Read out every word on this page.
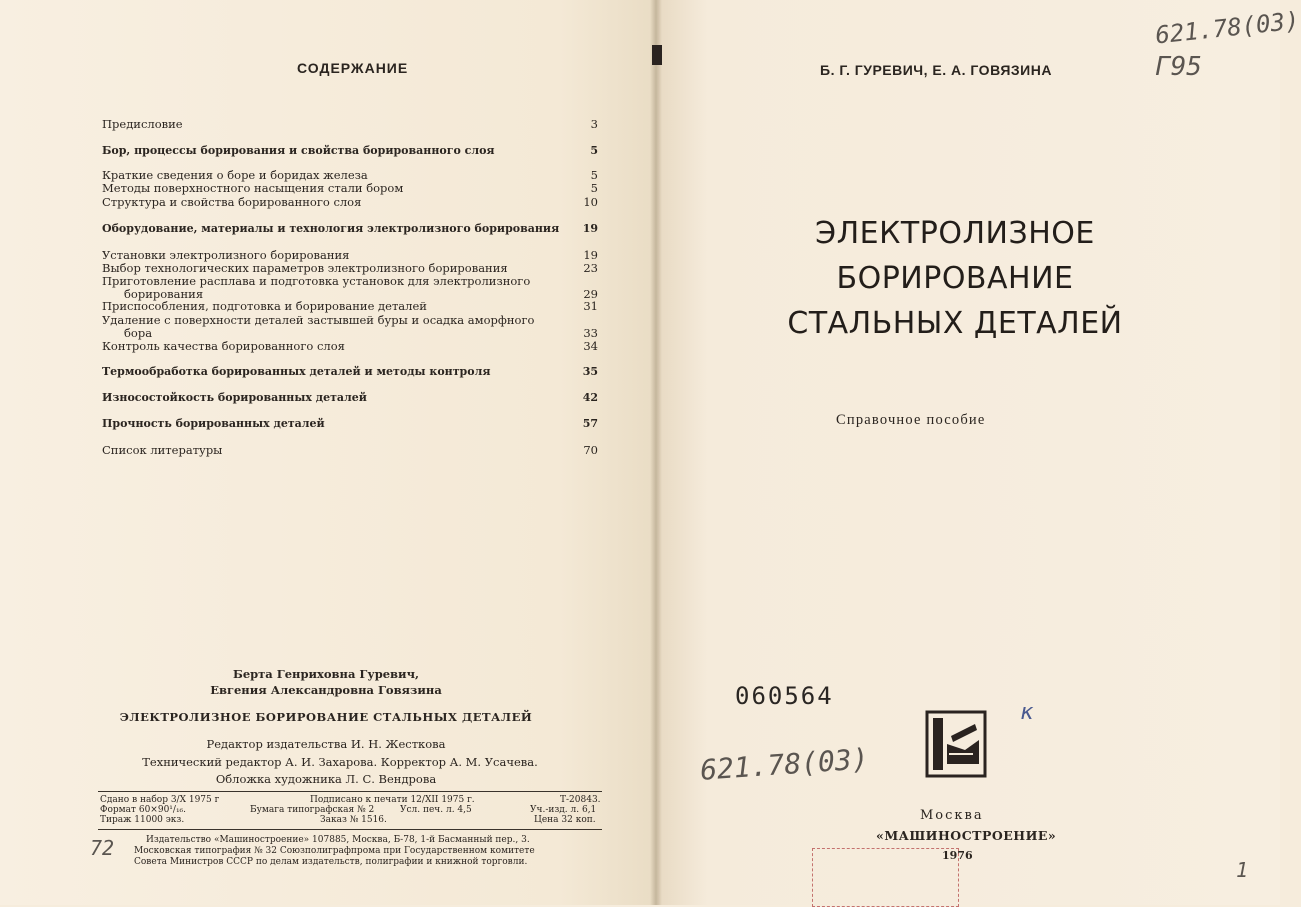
СОДЕРЖАНИЕ
Предисловие	3
Бор, процессы борирования и свойства борированного слоя	5
Краткие сведения о боре и боридах железа	5
Методы поверхностного насыщения стали бором	5
Структура и свойства борированного слоя	10
Оборудование, материалы и технология электролизного борирования 19
Установки электролизного борирования	19
Выбор технологических параметров электролизного борирования	23
Приготовление расплава и подготовка установок для электролизного
борирования	29
Приспособления, подготовка и борирование деталей	31
Удаление с поверхности деталей застывшей буры и осадка аморфного
бора	33
Контроль качества борированного слоя	34
Термообработка борированных деталей и методы контроля	35
Износостойкость борированных деталей	42
Прочность борированных деталей	57
Список литературы	70
Берта Генриховна Гуревич,
Евгения Александровна Говязина
ЭЛЕКТРОЛИЗНОЕ БОРИРОВАНИЕ СТАЛЬНЫХ ДЕТАЛЕЙ
Редактор издательства И. Н. Жесткова
Технический редактор А. И. Захарова. Корректор А. М. Усачева.
Обложка художника Л. С. Вендрова
Сдано в набор 3/X 1975 г	Подписано к печати 12/XII 1975 г.	Т-20843.
Формат 60×90¹/₁₆.	Бумага типографская № 2	Усл. печ. л. 4,5	Уч.-изд. л. 6,1
Тираж 11000 экз.	Заказ № 1516.	Цена 32 коп.
Издательство «Машиностроение» 107885, Москва, Б-78, 1-й Басманный пер., 3.
Московская типография № 32 Союзполиграфпрома при Государственном комитете
Совета Министров СССР по делам издательств, полиграфии и книжной торговли.
72
Б. Г. ГУРЕВИЧ, Е. А. ГОВЯЗИНА
ЭЛЕКТРОЛИЗНОЕ
БОРИРОВАНИЕ
СТАЛЬНЫХ ДЕТАЛЕЙ
Справочное пособие
060564
к
621.78(03)
Г95
621.78(03)
1
Москва
«МАШИНОСТРОЕНИЕ»
1976
